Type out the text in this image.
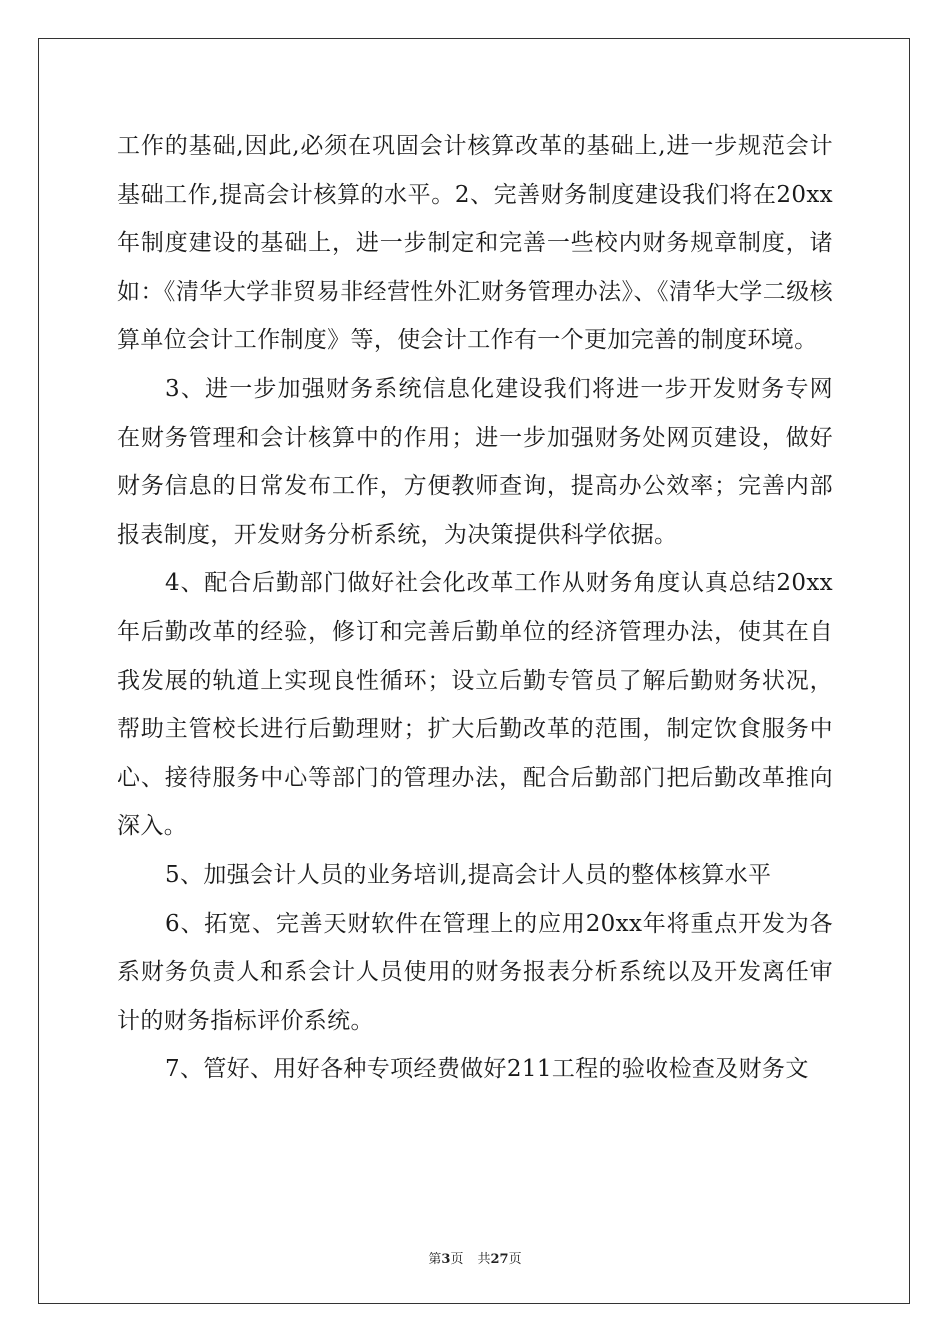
工作的基础,因此,必须在巩固会计核算改革的基础上,进一步规范会计基础工作,提高会计核算的水平。2、完善财务制度建设我们将在20xx年制度建设的基础上，进一步制定和完善一些校内财务规章制度，诸如：《清华大学非贸易非经营性外汇财务管理办法》、《清华大学二级核算单位会计工作制度》等，使会计工作有一个更加完善的制度环境。

3、进一步加强财务系统信息化建设我们将进一步开发财务专网在财务管理和会计核算中的作用；进一步加强财务处网页建设，做好财务信息的日常发布工作，方便教师查询，提高办公效率；完善内部报表制度，开发财务分析系统，为决策提供科学依据。

4、配合后勤部门做好社会化改革工作从财务角度认真总结20xx年后勤改革的经验，修订和完善后勤单位的经济管理办法，使其在自我发展的轨道上实现良性循环；设立后勤专管员了解后勤财务状况，帮助主管校长进行后勤理财；扩大后勤改革的范围，制定饮食服务中心、接待服务中心等部门的管理办法，配合后勤部门把后勤改革推向深入。

5、加强会计人员的业务培训,提高会计人员的整体核算水平

6、拓宽、完善天财软件在管理上的应用20xx年将重点开发为各系财务负责人和系会计人员使用的财务报表分析系统以及开发离任审计的财务指标评价系统。

7、管好、用好各种专项经费做好211工程的验收检查及财务文

第3页 共27页
